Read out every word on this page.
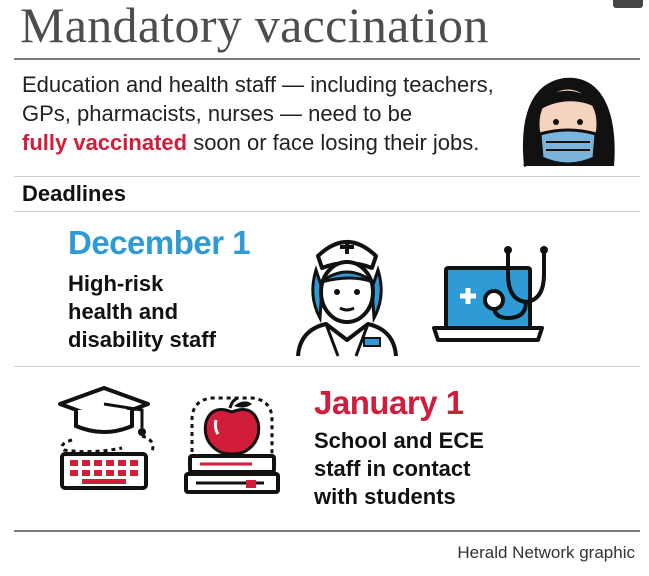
Mandatory vaccination
Education and health staff — including teachers,
GPs, pharmacists, nurses — need to be
fully vaccinated soon or face losing their jobs.
Deadlines
December 1
High-risk
health and
disability staff
January 1
School and ECE
staff in contact
with students
Herald Network graphic
